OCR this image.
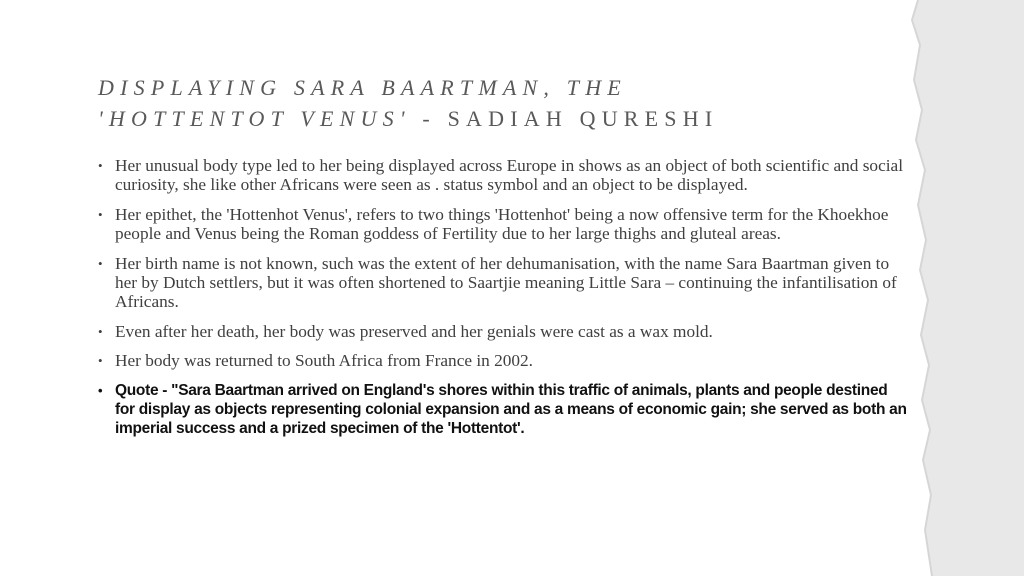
DISPLAYING SARA BAARTMAN, THE
'HOTTENTOT VENUS' - SADIAH QURESHI
• Her unusual body type led to her being displayed across Europe in shows as an object of both scientific and social curiosity, she like other Africans were seen as . status symbol and an object to be displayed.
• Her epithet, the 'Hottenhot Venus', refers to two things 'Hottenhot' being a now offensive term for the Khoekhoe people and Venus being the Roman goddess of Fertility due to her large thighs and gluteal areas.
• Her birth name is not known, such was the extent of her dehumanisation, with the name Sara Baartman given to her by Dutch settlers, but it was often shortened to Saartjie meaning Little Sara – continuing the infantilisation of Africans.
• Even after her death, her body was preserved and her genials were cast as a wax mold.
• Her body was returned to South Africa from France in 2002.
• Quote - "Sara Baartman arrived on England's shores within this traffic of animals, plants and people destined for display as objects representing colonial expansion and as a means of economic gain; she served as both an imperial success and a prized specimen of the 'Hottentot'.
